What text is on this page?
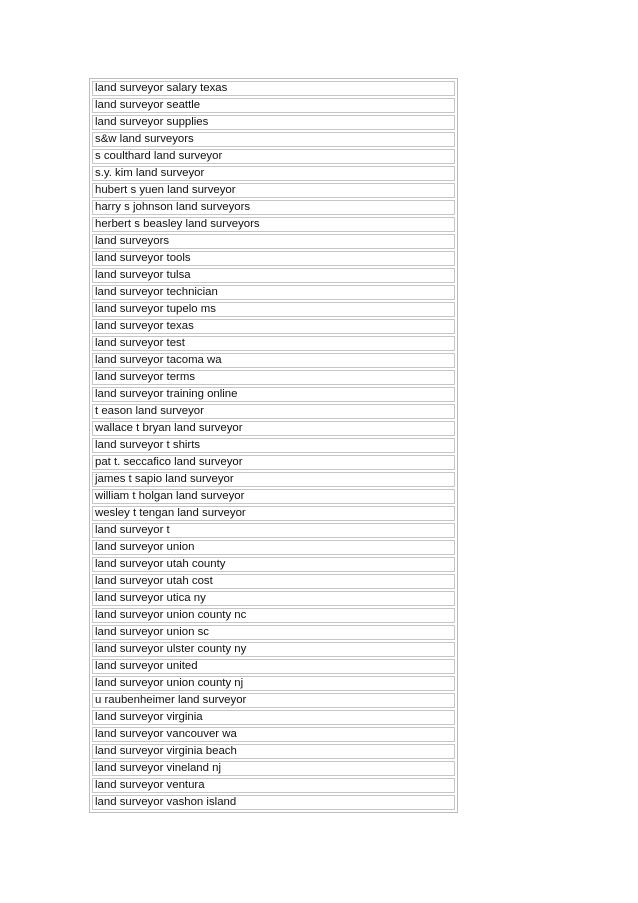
land surveyor salary texas
land surveyor seattle
land surveyor supplies
s&w land surveyors
s coulthard land surveyor
s.y. kim land surveyor
hubert s yuen land surveyor
harry s johnson land surveyors
herbert s beasley land surveyors
land surveyors
land surveyor tools
land surveyor tulsa
land surveyor technician
land surveyor tupelo ms
land surveyor texas
land surveyor test
land surveyor tacoma wa
land surveyor terms
land surveyor training online
t eason land surveyor
wallace t bryan land surveyor
land surveyor t shirts
pat t. seccafico land surveyor
james t sapio land surveyor
william t holgan land surveyor
wesley t tengan land surveyor
land surveyor t
land surveyor union
land surveyor utah county
land surveyor utah cost
land surveyor utica ny
land surveyor union county nc
land surveyor union sc
land surveyor ulster county ny
land surveyor united
land surveyor union county nj
u raubenheimer land surveyor
land surveyor virginia
land surveyor vancouver wa
land surveyor virginia beach
land surveyor vineland nj
land surveyor ventura
land surveyor vashon island
